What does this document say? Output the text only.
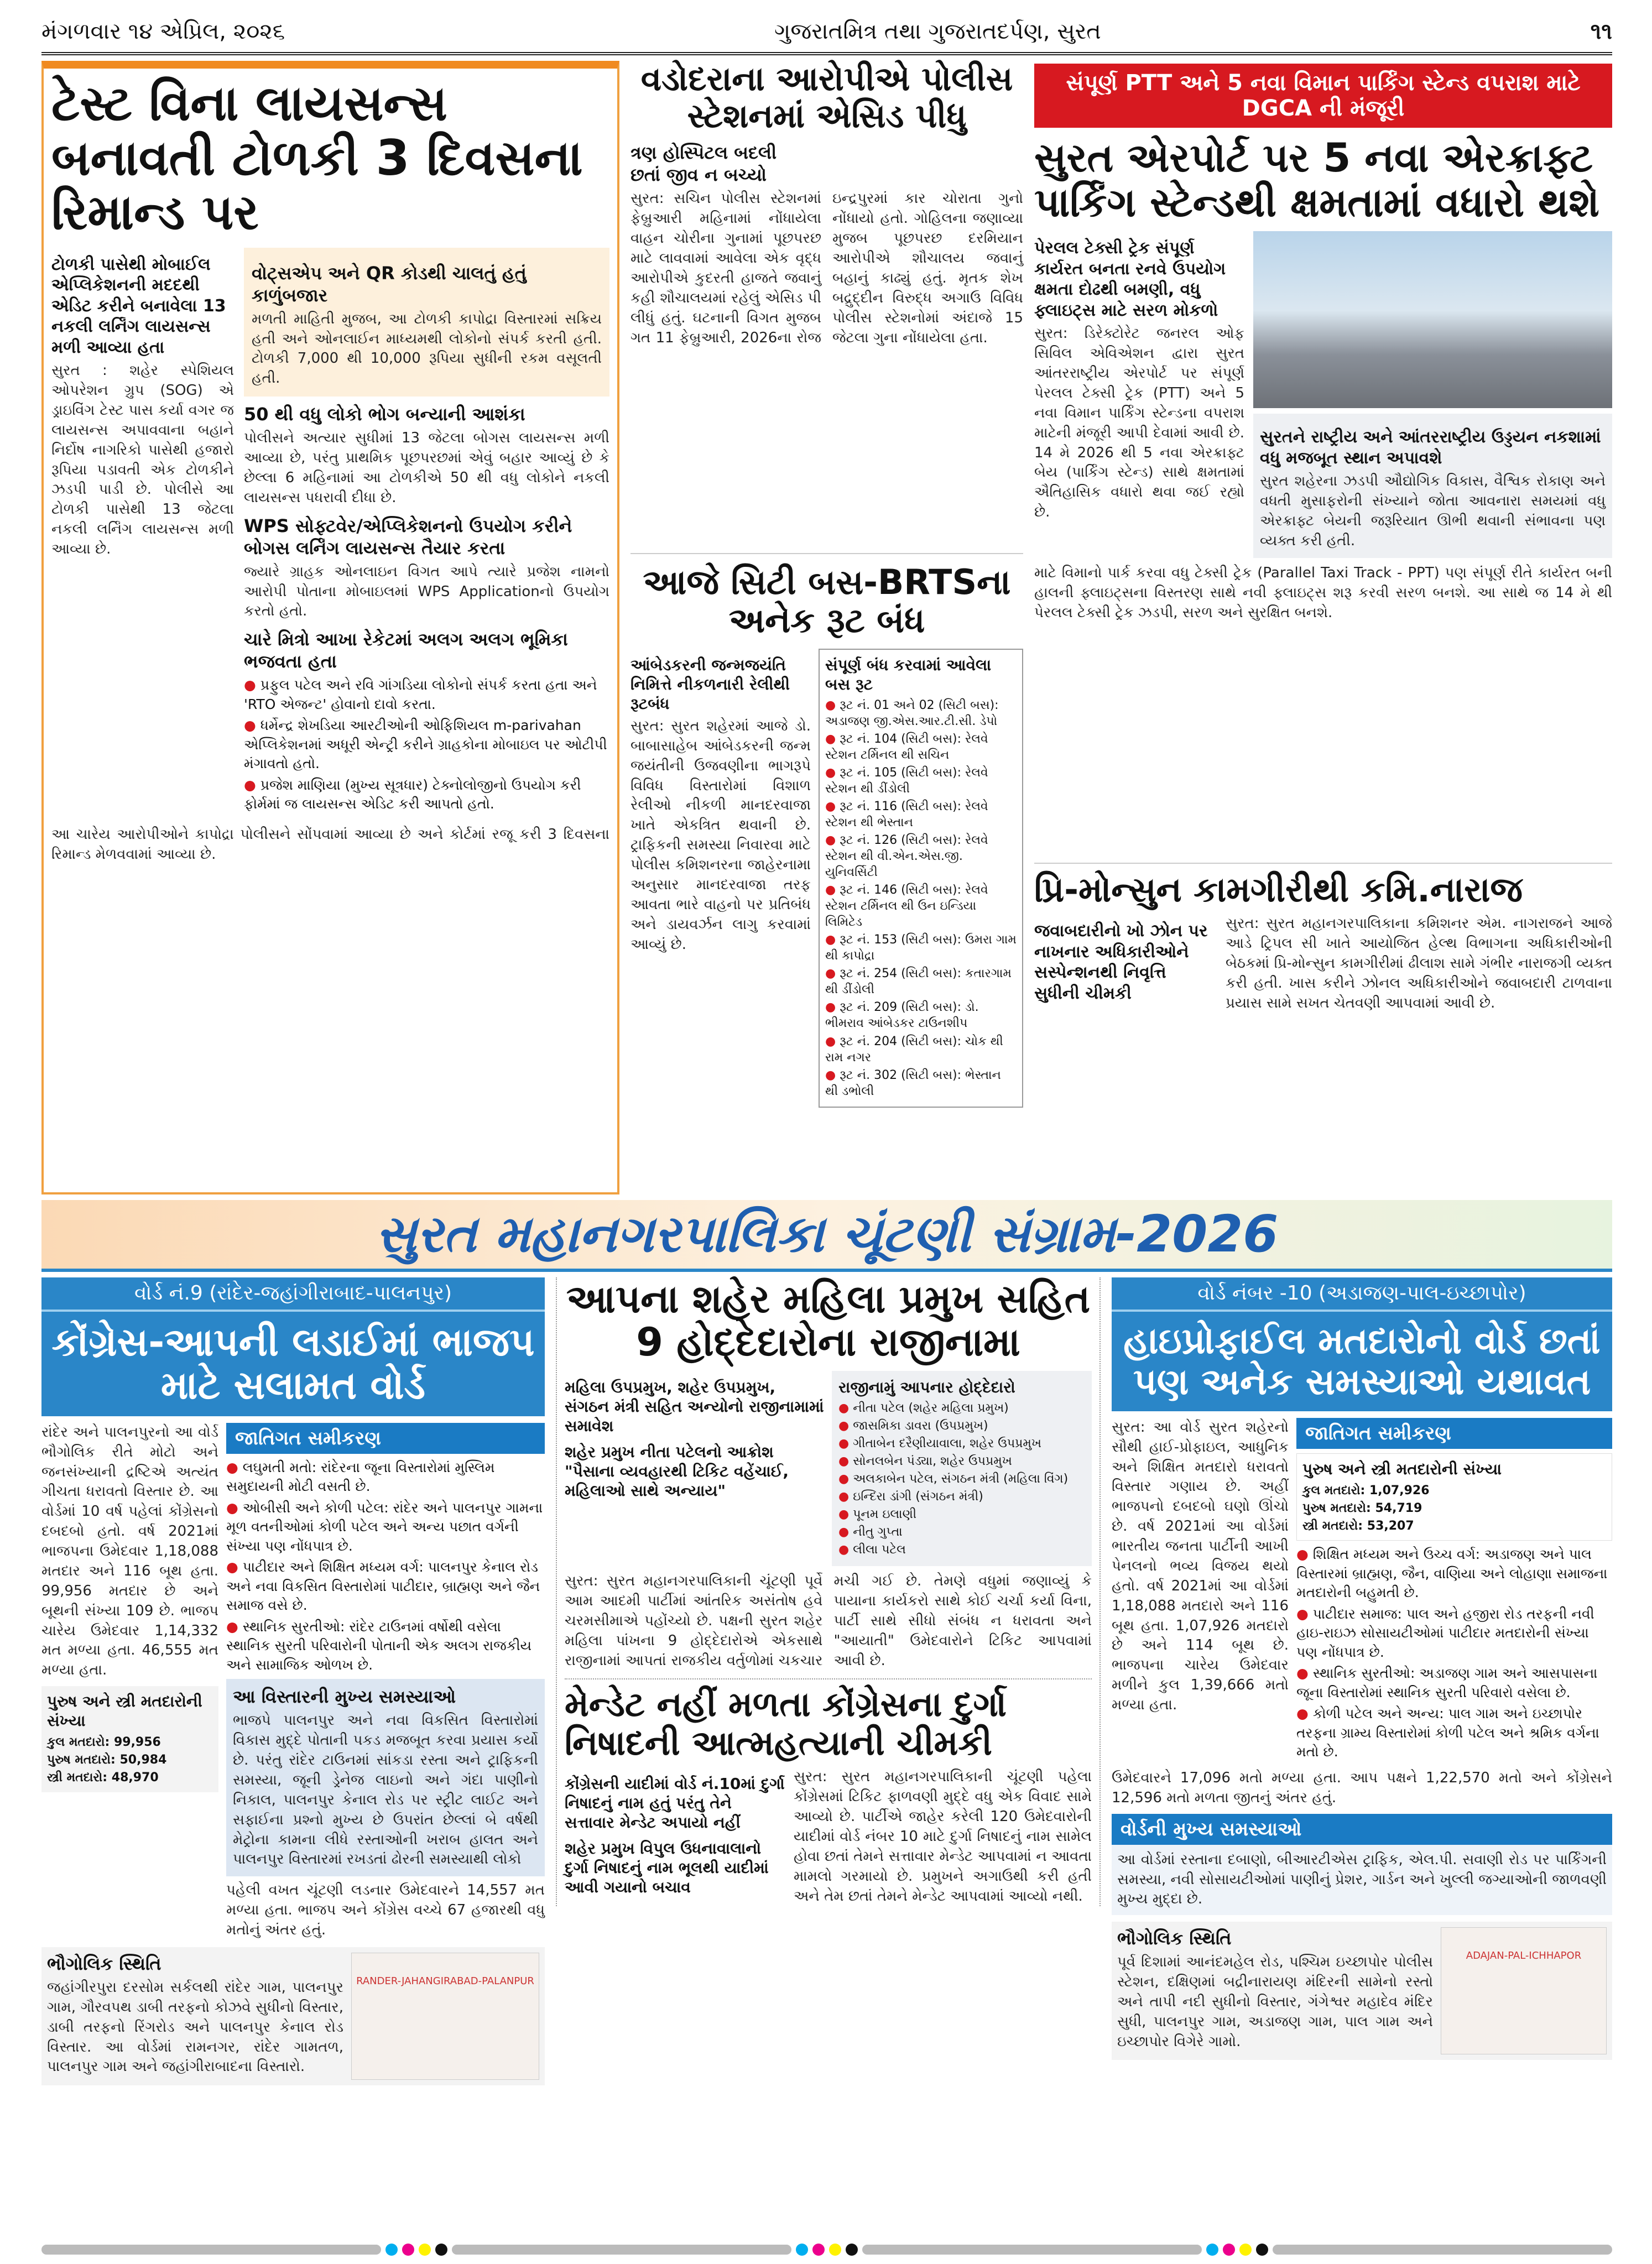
મંગળવાર ૧૪ એપ્રિલ, ૨૦૨૬	ગુજરાતમિત્ર તથા ગુજરાતદર્પણ, સુરત	૧૧
ટેસ્ટ વિના લાયસન્સ બનાવતી ટોળકી 3 દિવસના રિમાન્ડ પર
ટોળકી પાસેથી મોબાઈલ એપ્લિકેશનની મદદથી એડિટ કરીને બનાવેલા 13 નકલી લર્નિંગ લાયસન્સ મળી આવ્યા હતા

સુરત : શહેર સ્પેશિયલ ઓપરેશન ગ્રુપ (SOG) એ ડ્રાઇવિંગ ટેસ્ટ પાસ કર્યા વગર જ લાયસન્સ અપાવવાના બહાને નિર્દોષ નાગરિકો પાસેથી હજારો રૂપિયા પડાવતી એક ટોળકીને ઝડપી પાડી છે. પોલીસે આ ટોળકી પાસેથી 13 જેટલા નકલી લર્નિંગ લાયસન્સ મળી આવ્યા છે.

વોટ્સએપ અને QR કોડથી ચાલતું હતું કાળુંબજાર

મળતી માહિતી મુજબ, આ ટોળકી કાપોદ્રા વિસ્તારમાં સક્રિય હતી અને ઓનલાઈન માધ્યમથી લોકોનો સંપર્ક કરતી હતી. ટોળકી 7,000 થી 10,000 રૂપિયા સુધીની રકમ વસૂલતી હતી.

50 થી વધુ લોકો ભોગ બન્યાની આશંકા

પોલીસને અત્યાર સુધીમાં 13 જેટલા બોગસ લાયસન્સ મળી આવ્યા છે, પરંતુ પ્રાથમિક પૂછપરછમાં એવું બહાર આવ્યું છે કે છેલ્લા 6 મહિનામાં આ ટોળકીએ 50 થી વધુ લોકોને નકલી લાયસન્સ પધરાવી દીધા છે.

WPS સોફ્ટવેર/એપ્લિકેશનનો ઉપયોગ કરીને બોગસ લર્નિંગ લાયસન્સ તૈયાર કરતા

જ્યારે ગ્રાહક ઓનલાઇન વિગત આપે ત્યારે પ્રજેશ નામનો આરોપી પોતાના મોબાઇલમાં WPS Applicationનો ઉપયોગ કરતો હતો.

ચારે મિત્રો આખા રેકેટમાં અલગ અલગ ભૂમિકા ભજવતા હતા
● પ્રફુલ પટેલ અને રવિ ગાંગડિયા લોકોનો સંપર્ક કરતા હતા અને 'RTO એજન્ટ' હોવાનો દાવો કરતા.
● ધર્મેન્દ્ર શેખડિયા આરટીઓની ઓફિશિયલ m-parivahan એપ્લિકેશનમાં અધૂરી એન્ટ્રી કરીને ગ્રાહકોના મોબાઇલ પર ઓટીપી મંગાવતો હતો.
● પ્રજેશ માણિયા (મુખ્ય સૂત્રધાર) ટેક્નોલોજીનો ઉપયોગ કરી ફોર્મમાં જ લાયસન્સ એડિટ કરી આપતો હતો.

આ ચારેય આરોપીઓને કાપોદ્રા પોલીસને સોંપવામાં આવ્યા છે અને કોર્ટમાં રજૂ કરી 3 દિવસના રિમાન્ડ મેળવવામાં આવ્યા છે.

વડોદરાના આરોપીએ પોલીસ સ્ટેશનમાં એસિડ પીધુ
ત્રણ હોસ્પિટલ બદલી છતાં જીવ ન બચ્યો

સુરત: સચિન પોલીસ સ્ટેશનમાં ફેબ્રુઆરી મહિનામાં નોંધાયેલા વાહન ચોરીના ગુનામાં પૂછપરછ માટે લાવવામાં આવેલા એક વૃદ્ધ આરોપીએ કુદરતી હાજતે જવાનું કહી શૌચાલયમાં રહેલું એસિડ પી લીધું હતું. ઘટનાની વિગત મુજબ ગત 11 ફેબ્રુઆરી, 2026ના રોજ ઇન્દ્રપુરમાં કાર ચોરાતા ગુનો નોંધાયો હતો. ગોહિલના જણાવ્યા મુજબ પૂછપરછ દરમિયાન આરોપીએ શૌચાલય જવાનું બહાનું કાઢ્યું હતું. મૃતક શેખ બદ્રુદ્દીન વિરુદ્ધ અગાઉ વિવિધ પોલીસ સ્ટેશનોમાં અંદાજે 15 જેટલા ગુના નોંધાયેલા હતા.

આજે સિટી બસ-BRTSના અનેક રૂટ બંધ
આંબેડકરની જન્મજયંતિ નિમિત્તે નીકળનારી રેલીથી રૂટબંધ

સુરત: સુરત શહેરમાં આજે ડો. બાબાસાહેબ આંબેડકરની જન્મ જયંતીની ઉજવણીના ભાગરૂપે વિવિધ વિસ્તારોમાં વિશાળ રેલીઓ નીકળી માનદરવાજા ખાતે એકત્રિત થવાની છે. ટ્રાફિકની સમસ્યા નિવારવા માટે પોલીસ કમિશનરના જાહેરનામા અનુસાર માનદરવાજા તરફ આવતા ભારે વાહનો પર પ્રતિબંધ અને ડાયવર્ઝન લાગુ કરવામાં આવ્યું છે.

સંપૂર્ણ બંધ કરવામાં આવેલા બસ રૂટ
● રૂટ નં. 01 અને 02 (સિટી બસ): અડાજણ જી.એસ.આર.ટી.સી. ડેપો
● રૂટ નં. 104 (સિટી બસ): રેલવે સ્ટેશન ટર્મિનલ થી સચિન
● રૂટ નં. 105 (સિટી બસ): રેલવે સ્ટેશન થી ડીંડોલી
● રૂટ નં. 116 (સિટી બસ): રેલવે સ્ટેશન થી ભેસ્તાન
● રૂટ નં. 126 (સિટી બસ): રેલવે સ્ટેશન થી વી.એન.એસ.જી. યુનિવર્સિટી
● રૂટ નં. 146 (સિટી બસ): રેલવે સ્ટેશન ટર્મિનલ થી ઉન ઇન્ડિયા લિમિટેડ
● રૂટ નં. 153 (સિટી બસ): ઉમરા ગામ થી કાપોદ્રા
● રૂટ નં. 254 (સિટી બસ): કતારગામ થી ડીંડોલી
● રૂટ નં. 209 (સિટી બસ): ડો. ભીમરાવ આંબેડકર ટાઉનશીપ
● રૂટ નં. 204 (સિટી બસ): ચોક થી રામ નગર
● રૂટ નં. 302 (સિટી બસ): ભેસ્તાન થી ડભોલી
સંપૂર્ણ PTT અને 5 નવા વિમાન પાર્કિંગ સ્ટેન્ડ વપરાશ માટે DGCA ની મંજૂરી
સુરત એરપોર્ટ પર 5 નવા એરક્રાફ્ટ પાર્કિંગ સ્ટેન્ડથી ક્ષમતામાં વધારો થશે
પેરલલ ટેક્સી ટ્રેક સંપૂર્ણ કાર્યરત બનતા રનવે ઉપયોગ ક્ષમતા દોઢથી બમણી, વધુ ફ્લાઇટ્સ માટે સરળ મોકળો

સુરત: ડિરેક્ટોરેટ જનરલ ઓફ સિવિલ એવિએશન દ્વારા સુરત આંતરરાષ્ટ્રીય એરપોર્ટ પર સંપૂર્ણ પેરલલ ટેક્સી ટ્રેક (PTT) અને 5 નવા વિમાન પાર્કિંગ સ્ટેન્ડના વપરાશ માટેની મંજૂરી આપી દેવામાં આવી છે. 14 મે 2026 થી 5 નવા એરક્રાફ્ટ બેય (પાર્કિંગ સ્ટેન્ડ) સાથે ક્ષમતામાં ઐતિહાસિક વધારો થવા જઈ રહ્યો છે.

સુરતને રાષ્ટ્રીય અને આંતરરાષ્ટ્રીય ઉડ્ડયન નકશામાં વધુ મજબૂત સ્થાન અપાવશે

સુરત શહેરના ઝડપી ઔદ્યોગિક વિકાસ, વૈશ્વિક રોકાણ અને વધતી મુસાફરોની સંખ્યાને જોતા આવનારા સમયમાં વધુ એરક્રાફ્ટ બેયની જરૂરિયાત ઊભી થવાની સંભાવના પણ વ્યક્ત કરી હતી.

માટે વિમાનો પાર્ક કરવા વધુ ટેક્સી ટ્રેક (Parallel Taxi Track - PPT) પણ સંપૂર્ણ રીતે કાર્યરત બની હાલની ફ્લાઇટ્સના વિસ્તરણ સાથે નવી ફ્લાઇટ્સ શરૂ કરવી સરળ બનશે. આ સાથે જ 14 મે થી પેરલલ ટેક્સી ટ્રેક ઝડપી, સરળ અને સુરક્ષિત બનશે.

પ્રિ-મોન્સુન કામગીરીથી કમિ.નારાજ
જવાબદારીનો ખો ઝોન પર નાખનાર અધિકારીઓને સસ્પેન્શનથી નિવૃત્તિ સુધીની ચીમકી

સુરત: સુરત મહાનગરપાલિકાના કમિશનર એમ. નાગરાજને આજે આડે ટ્રિપલ સી ખાતે આયોજિત હેલ્થ વિભાગના અધિકારીઓની બેઠકમાં પ્રિ-મોન્સુન કામગીરીમાં ઢીલાશ સામે ગંભીર નારાજગી વ્યક્ત કરી હતી. ખાસ કરીને ઝોનલ અધિકારીઓને જવાબદારી ટાળવાના પ્રયાસ સામે સખત ચેતવણી આપવામાં આવી છે.

સુરત મહાનગરપાલિકા ચૂંટણી સંગ્રામ-2026
વોર્ડ નં.9 (રાંદેર-જહાંગીરાબાદ-પાલનપુર)
કોંગ્રેસ-આપની લડાઈમાં ભાજપ માટે સલામત વોર્ડ

રાંદેર અને પાલનપુરનો આ વોર્ડ ભૌગોલિક રીતે મોટો અને જનસંખ્યાની દ્રષ્ટિએ અત્યંત ગીચતા ધરાવતો વિસ્તાર છે. આ વોર્ડમાં 10 વર્ષ પહેલાં કોંગ્રેસનો દબદબો હતો. વર્ષ 2021માં ભાજપના ઉમેદવાર 1,18,088 મતદાર અને 116 બૂથ હતા. 99,956 મતદાર છે અને બૂથની સંખ્યા 109 છે. ભાજપ ચારેય ઉમેદવાર 1,14,332 મત મળ્યા હતા. 46,555 મત મળ્યા હતા.

પુરુષ અને સ્ત્રી મતદારોની સંખ્યા
કુલ મતદારો: 99,956
પુરુષ મતદારો: 50,984
સ્ત્રી મતદારો: 48,970
જાતિગત સમીકરણ
● લઘુમતી મતો: રાંદેરના જૂના વિસ્તારોમાં મુસ્લિમ સમુદાયની મોટી વસતી છે.
● ઓબીસી અને કોળી પટેલ: રાંદેર અને પાલનપુર ગામના મૂળ વતનીઓમાં કોળી પટેલ અને અન્ય પછાત વર્ગની સંખ્યા પણ નોંધપાત્ર છે.
● પાટીદાર અને શિક્ષિત મધ્યમ વર્ગ: પાલનપુર કેનાલ રોડ અને નવા વિકસિત વિસ્તારોમાં પાટીદાર, બ્રાહ્મણ અને જૈન સમાજ વસે છે.
● સ્થાનિક સુરતીઓ: રાંદેર ટાઉનમાં વર્ષોથી વસેલા સ્થાનિક સુરતી પરિવારોની પોતાની એક અલગ રાજકીય અને સામાજિક ઓળખ છે.
આ વિસ્તારની મુખ્ય સમસ્યાઓ

ભાજપે પાલનપુર અને નવા વિકસિત વિસ્તારોમાં વિકાસ મુદ્દે પોતાની પકડ મજબૂત કરવા પ્રયાસ કર્યો છે. પરંતુ રાંદેર ટાઉનમાં સાંકડા રસ્તા અને ટ્રાફિકની સમસ્યા, જૂની ડ્રેનેજ લાઇનો અને ગંદા પાણીનો નિકાલ, પાલનપુર કેનાલ રોડ પર સ્ટ્રીટ લાઈટ અને સફાઈના પ્રશ્નો મુખ્ય છે ઉપરાંત છેલ્લાં બે વર્ષથી મેટ્રોના કામના લીધે રસ્તાઓની ખરાબ હાલત અને પાલનપુર વિસ્તારમાં રખડતાં ઢોરની સમસ્યાથી લોકો

પહેલી વખત ચૂંટણી લડનાર ઉમેદવારને 14,557 મત મળ્યા હતા. ભાજપ અને કોંગ્રેસ વચ્ચે 67 હજારથી વધુ મતોનું અંતર હતું.

ભૌગોલિક સ્થિતિ

જહાંગીરપુરા દરસોમ સર્કલથી રાંદેર ગામ, પાલનપુર ગામ, ગૌરવપથ ડાબી તરફનો કોઝવે સુધીનો વિસ્તાર, ડાબી તરફનો રિંગરોડ અને પાલનપુર કેનાલ રોડ વિસ્તાર. આ વોર્ડમાં રામનગર, રાંદેર ગામતળ, પાલનપુર ગામ અને જહાંગીરાબાદના વિસ્તારો.

RANDER-JAHANGIRABAD-PALANPUR
આપના શહેર મહિલા પ્રમુખ સહિત 9 હોદ્દેદારોના રાજીનામા
મહિલા ઉપપ્રમુખ, શહેર ઉપપ્રમુખ, સંગઠન મંત્રી સહિત અન્યોનો રાજીનામામાં સમાવેશ
શહેર પ્રમુખ નીતા પટેલનો આક્રોશ "પૈસાના વ્યવહારથી ટિકિટ વહેંચાઈ, મહિલાઓ સાથે અન્યાય"
રાજીનામું આપનાર હોદ્દેદારો
● નીતા પટેલ (શહેર મહિલા પ્રમુખ)
● જાસમિકા ડાવરા (ઉપપ્રમુખ)
● ગીતાબેન દરૈણીયાવાલા, શહેર ઉપપ્રમુખ
● સોનલબેન પંડ્યા, શહેર ઉપપ્રમુખ
● અલકાબેન પટેલ, સંગઠન મંત્રી (મહિલા વિંગ)
● ઇન્દિરા ડાંગી (સંગઠન મંત્રી)
● પૂનમ ઇલાણી
● નીતુ ગુપ્તા
● લીલા પટેલ

સુરત: સુરત મહાનગરપાલિકાની ચૂંટણી પૂર્વે આમ આદમી પાર્ટીમાં આંતરિક અસંતોષ હવે ચરમસીમાએ પહોંચ્યો છે. પક્ષની સુરત શહેર મહિલા પાંખના 9 હોદ્દેદારોએ એકસાથે રાજીનામાં આપતાં રાજકીય વર્તુળોમાં ચકચાર મચી ગઈ છે. તેમણે વધુમાં જણાવ્યું કે પાયાના કાર્યકરો સાથે કોઈ ચર્ચા કર્યા વિના, પાર્ટી સાથે સીધો સંબંધ ન ધરાવતા અને "આયાતી" ઉમેદવારોને ટિકિટ આપવામાં આવી છે.

મેન્ડેટ નહીં મળતા કોંગ્રેસના દુર્ગા નિષાદની આત્મહત્યાની ચીમકી
કોંગ્રેસની યાદીમાં વોર્ડ નં.10માં દુર્ગા નિષાદનું નામ હતું પરંતુ તેને સત્તાવાર મેન્ડેટ અપાયો નહીં
શહેર પ્રમુખ વિપુલ ઉધનાવાલાનો દુર્ગા નિષાદનું નામ ભૂલથી યાદીમાં આવી ગયાનો બચાવ

સુરત: સુરત મહાનગરપાલિકાની ચૂંટણી પહેલા કોંગ્રેસમાં ટિકિટ ફાળવણી મુદ્દે વધુ એક વિવાદ સામે આવ્યો છે. પાર્ટીએ જાહેર કરેલી 120 ઉમેદવારોની યાદીમાં વોર્ડ નંબર 10 માટે દુર્ગા નિષાદનું નામ સામેલ હોવા છતાં તેમને સત્તાવાર મેન્ડેટ આપવામાં ન આવતા મામલો ગરમાયો છે. પ્રમુખને અગાઉથી કરી હતી અને તેમ છતાં તેમને મેન્ડેટ આપવામાં આવ્યો નથી.

વોર્ડ નંબર -10 (અડાજણ-પાલ-ઇચ્છાપોર)
હાઇપ્રોફાઈલ મતદારોનો વોર્ડ છતાં પણ અનેક સમસ્યાઓ યથાવત

સુરત: આ વોર્ડ સુરત શહેરનો સૌથી હાઈ-પ્રોફાઇલ, આધુનિક અને શિક્ષિત મતદારો ધરાવતો વિસ્તાર ગણાય છે. અહીં ભાજપનો દબદબો ઘણો ઊંચો છે. વર્ષ 2021માં આ વોર્ડમાં ભારતીય જનતા પાર્ટીની આખી પેનલનો ભવ્ય વિજય થયો હતો. વર્ષ 2021માં આ વોર્ડમાં 1,18,088 મતદારો અને 116 બૂથ હતા. 1,07,926 મતદારો છે અને 114 બૂથ છે. ભાજપના ચારેય ઉમેદવાર મળીને કુલ 1,39,666 મતો મળ્યા હતા.

જાતિગત સમીકરણ
પુરુષ અને સ્ત્રી મતદારોની સંખ્યા
કુલ મતદારો: 1,07,926
પુરુષ મતદારો: 54,719
સ્ત્રી મતદારો: 53,207
● શિક્ષિત મધ્યમ અને ઉચ્ચ વર્ગ: અડાજણ અને પાલ વિસ્તારમાં બ્રાહ્મણ, જૈન, વાણિયા અને લોહાણા સમાજના મતદારોની બહુમતી છે.
● પાટીદાર સમાજ: પાલ અને હજીરા રોડ તરફની નવી હાઇ-રાઇઝ સોસાયટીઓમાં પાટીદાર મતદારોની સંખ્યા પણ નોંધપાત્ર છે.
● સ્થાનિક સુરતીઓ: અડાજણ ગામ અને આસપાસના જૂના વિસ્તારોમાં સ્થાનિક સુરતી પરિવારો વસેલા છે.
● કોળી પટેલ અને અન્ય: પાલ ગામ અને ઇચ્છાપોર તરફના ગ્રામ્ય વિસ્તારોમાં કોળી પટેલ અને શ્રમિક વર્ગના મતો છે.

ઉમેદવારને 17,096 મતો મળ્યા હતા. આપ પક્ષને 1,22,570 મતો અને કોંગ્રેસને 12,596 મતો મળતા જીતનું અંતર હતું.

વોર્ડની મુખ્ય સમસ્યાઓ

આ વોર્ડમાં રસ્તાના દબાણો, બીઆરટીએસ ટ્રાફિક, એલ.પી. સવાણી રોડ પર પાર્કિંગની સમસ્યા, નવી સોસાયટીઓમાં પાણીનું પ્રેશર, ગાર્ડન અને ખુલ્લી જગ્યાઓની જાળવણી મુખ્ય મુદ્દા છે.

ભૌગોલિક સ્થિતિ

પૂર્વ દિશામાં આનંદમહેલ રોડ, પશ્ચિમ ઇચ્છાપોર પોલીસ સ્ટેશન, દક્ષિણમાં બદ્રીનારાયણ મંદિરની સામેનો રસ્તો અને તાપી નદી સુધીનો વિસ્તાર, ગંગેશ્વર મહાદેવ મંદિર સુધી, પાલનપુર ગામ, અડાજણ ગામ, પાલ ગામ અને ઇચ્છાપોર વિગેરે ગામો.

ADAJAN-PAL-ICHHAPOR
